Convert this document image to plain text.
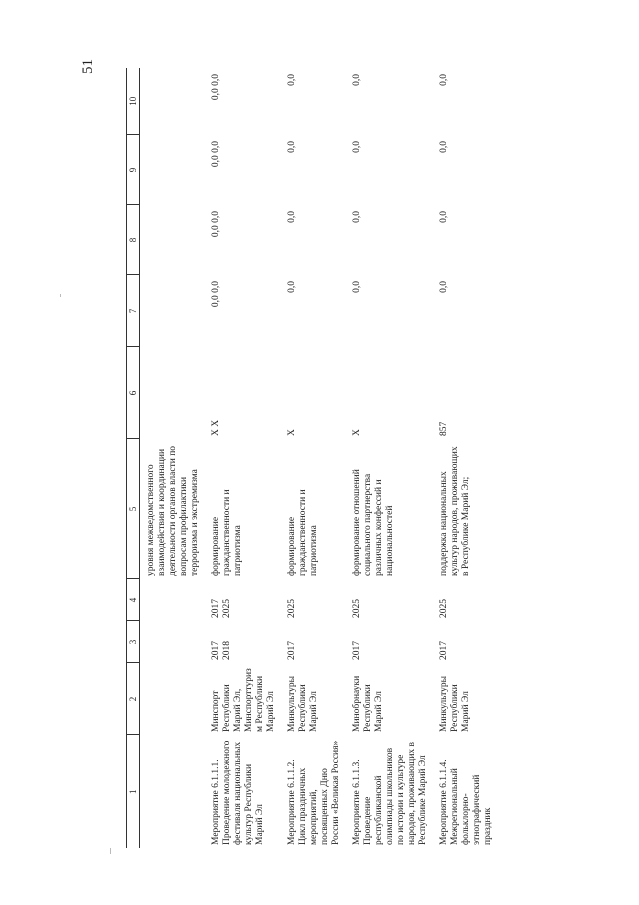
51
1	2	3	4	5	6	7	8	9	10
				уровня межведомственного взаимодействия и координации деятельности органов власти по вопросам профилактики терроризма и экстремизма					
Мероприятие 6.1.1.1. Проведение молодежного фестиваля национальных культур Республики Марий Эл	Минспорт Республики Марий Эл, Минспорттуризм Республики Марий Эл	2017 2018	2017 2025	формирование гражданственности и патриотизма	X X	0,0 0,0	0,0 0,0	0,0 0,0	0,0 0,0
Мероприятие 6.1.1.2. Цикл праздничных мероприятий, посвященных Дню России «Великая Россия»	Минкультуры Республики Марий Эл	2017	2025	формирование гражданственности и патриотизма	X	0,0	0,0	0,0	0,0
Мероприятие 6.1.1.3. Проведение республиканской олимпиады школьников по истории и культуре народов, проживающих в Республике Марий Эл	Минобрнауки Республики Марий Эл	2017	2025	формирование отношений социального партнерства различных конфессий и национальностей	X	0,0	0,0	0,0	0,0
Мероприятие 6.1.1.4. Межрегиональный фольклорно-этнографический праздник	Минкультуры Республики Марий Эл	2017	2025	поддержка национальных культур народов, проживающих в Республике Марий Эл;	857	0,0	0,0	0,0	0,0
